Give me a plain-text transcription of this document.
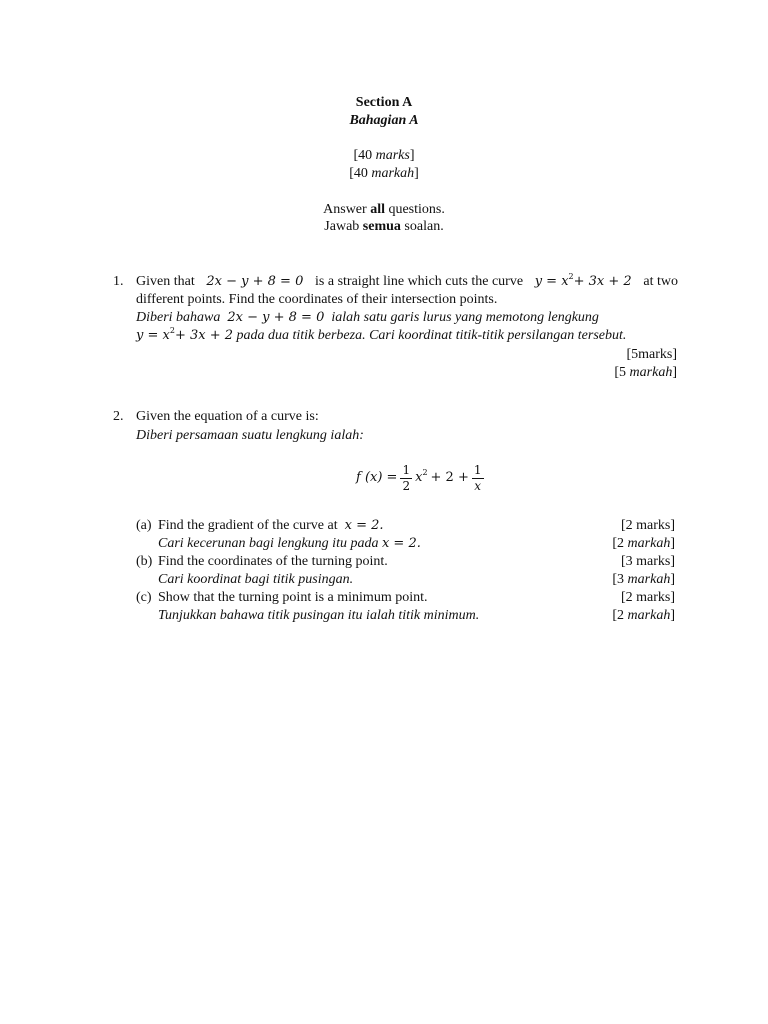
Section A
Bahagian A
[40 marks]
[40 markah]
Answer all questions.
Jawab semua soalan.
1. Given that 2x − y + 8 = 0 is a straight line which cuts the curve $y = x^2+ 3x + 2$ at two
different points. Find the coordinates of their intersection points.
Diberi bahawa 2x − y + 8 = 0 ialah satu garis lurus yang memotong lengkung
$y = x^2+ 3x + 2$ pada dua titik berbeza. Cari koordinat titik-titik persilangan tersebut.
[5marks]
[5 markah]
2. Given the equation of a curve is:
Diberi persamaan suatu lengkung ialah:
f $(x) = \frac{1}{2} x^2 + 2 + \frac{1}{x}$
(a) Find the gradient of the curve at x = 2.	[2 marks]
Cari kecerunan bagi lengkung itu pada x = 2.	[2 markah]
(b) Find the coordinates of the turning point.	[3 marks]
Cari koordinat bagi titik pusingan.	[3 markah]
(c) Show that the turning point is a minimum point.	[2 marks]
Tunjukkan bahawa titik pusingan itu ialah titik minimum.	[2 markah]
